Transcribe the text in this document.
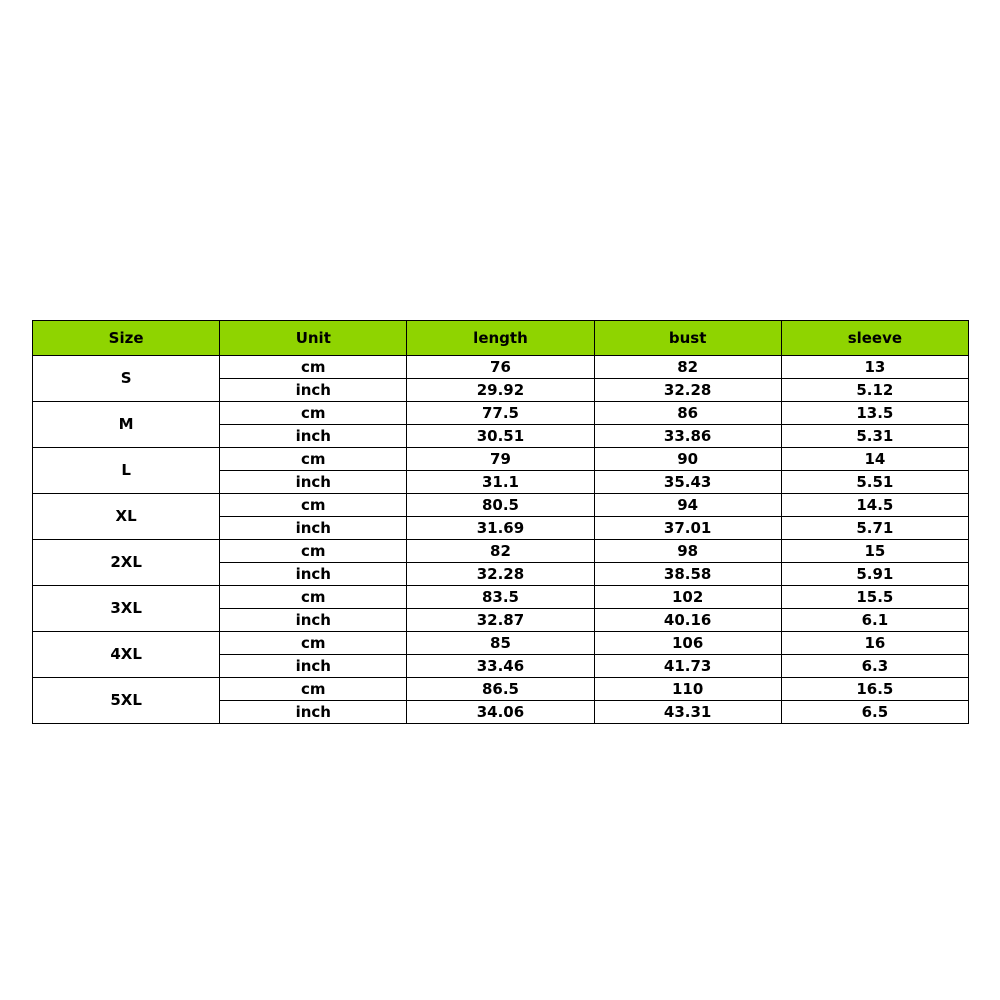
Size	Unit	length	bust	sleeve
S	cm	76	82	13
	inch	29.92	32.28	5.12
M	cm	77.5	86	13.5
	inch	30.51	33.86	5.31
L	cm	79	90	14
	inch	31.1	35.43	5.51
XL	cm	80.5	94	14.5
	inch	31.69	37.01	5.71
2XL	cm	82	98	15
	inch	32.28	38.58	5.91
3XL	cm	83.5	102	15.5
	inch	32.87	40.16	6.1
4XL	cm	85	106	16
	inch	33.46	41.73	6.3
5XL	cm	86.5	110	16.5
	inch	34.06	43.31	6.5
